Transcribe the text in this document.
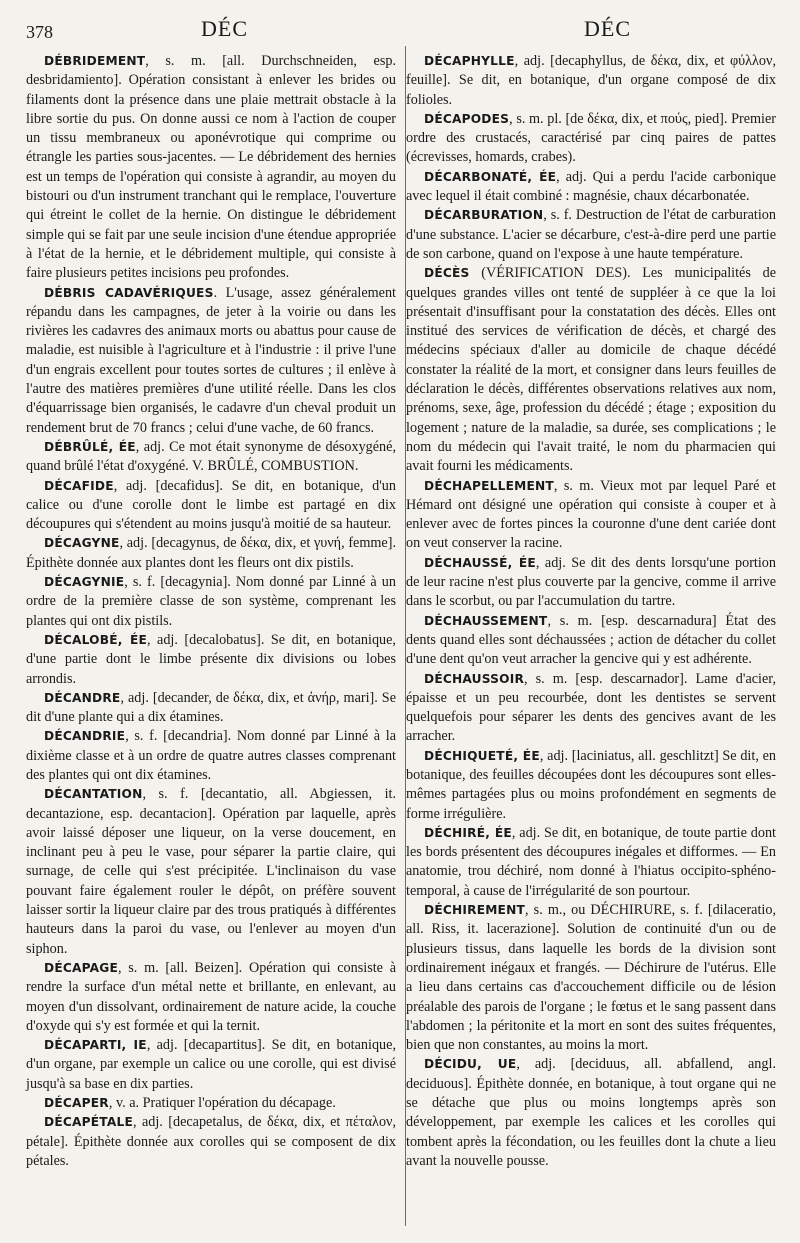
378	DÉC	DÉC

DÉBRIDEMENT, s. m. [all. Durchschneiden, esp. desbridamiento]. Opération consistant à enlever les brides ou filaments dont la présence dans une plaie mettrait obstacle à la libre sortie du pus. On donne aussi ce nom à l'action de couper un tissu membraneux ou aponévrotique qui comprime ou étrangle les parties sous-jacentes. — Le débridement des hernies est un temps de l'opération qui consiste à agrandir, au moyen du bistouri ou d'un instrument tranchant qui le remplace, l'ouverture qui étreint le collet de la hernie. On distingue le débridement simple qui se fait par une seule incision d'une étendue appropriée à l'état de la hernie, et le débridement multiple, qui consiste à faire plusieurs petites incisions peu profondes.

DÉBRIS CADAVÉRIQUES. L'usage, assez généralement répandu dans les campagnes, de jeter à la voirie ou dans les rivières les cadavres des animaux morts ou abattus pour cause de maladie, est nuisible à l'agriculture et à l'industrie : il prive l'une d'un engrais excellent pour toutes sortes de cultures ; il enlève à l'autre des matières premières d'une utilité réelle. Dans les clos d'équarrissage bien organisés, le cadavre d'un cheval produit un rendement brut de 70 francs ; celui d'une vache, de 60 francs.

DÉBRÛLÉ, ÉE, adj. Ce mot était synonyme de désoxygéné, quand brûlé l'état d'oxygéné. V. BRÛLÉ, COMBUSTION.

DÉCAFIDE, adj. [decafidus]. Se dit, en botanique, d'un calice ou d'une corolle dont le limbe est partagé en dix découpures qui s'étendent au moins jusqu'à moitié de sa hauteur.

DÉCAGYNE, adj. [decagynus, de δέκα, dix, et γυνή, femme]. Épithète donnée aux plantes dont les fleurs ont dix pistils.

DÉCAGYNIE, s. f. [decagynia]. Nom donné par Linné à un ordre de la première classe de son système, comprenant les plantes qui ont dix pistils.

DÉCALOBÉ, ÉE, adj. [decalobatus]. Se dit, en botanique, d'une partie dont le limbe présente dix divisions ou lobes arrondis.

DÉCANDRE, adj. [decander, de δέκα, dix, et ἀνήρ, mari]. Se dit d'une plante qui a dix étamines.

DÉCANDRIE, s. f. [decandria]. Nom donné par Linné à la dixième classe et à un ordre de quatre autres classes comprenant des plantes qui ont dix étamines.

DÉCANTATION, s. f. [decantatio, all. Abgiessen, it. decantazione, esp. decantacion]. Opération par laquelle, après avoir laissé déposer une liqueur, on la verse doucement, en inclinant peu à peu le vase, pour séparer la partie claire, qui surnage, de celle qui s'est précipitée. L'inclinaison du vase pouvant faire également rouler le dépôt, on préfère souvent laisser sortir la liqueur claire par des trous pratiqués à différentes hauteurs dans la paroi du vase, ou l'enlever au moyen d'un siphon.

DÉCAPAGE, s. m. [all. Beizen]. Opération qui consiste à rendre la surface d'un métal nette et brillante, en enlevant, au moyen d'un dissolvant, ordinairement de nature acide, la couche d'oxyde qui s'y est formée et qui la ternit.

DÉCAPARTI, IE, adj. [decapartitus]. Se dit, en botanique, d'un organe, par exemple un calice ou une corolle, qui est divisé jusqu'à sa base en dix parties.

DÉCAPER, v. a. Pratiquer l'opération du décapage.

DÉCAPÉTALE, adj. [decapetalus, de δέκα, dix, et πέταλον, pétale]. Épithète donnée aux corolles qui se composent de dix pétales.

DÉCAPHYLLE, adj. [decaphyllus, de δέκα, dix, et φύλλον, feuille]. Se dit, en botanique, d'un organe composé de dix folioles.

DÉCAPODES, s. m. pl. [de δέκα, dix, et πούς, pied]. Premier ordre des crustacés, caractérisé par cinq paires de pattes (écrevisses, homards, crabes).

DÉCARBONATÉ, ÉE, adj. Qui a perdu l'acide carbonique avec lequel il était combiné : magnésie, chaux décarbonatée.

DÉCARBURATION, s. f. Destruction de l'état de carburation d'une substance. L'acier se décarbure, c'est-à-dire perd une partie de son carbone, quand on l'expose à une haute température.

DÉCÈS (VÉRIFICATION DES). Les municipalités de quelques grandes villes ont tenté de suppléer à ce que la loi présentait d'insuffisant pour la constatation des décès. Elles ont institué des services de vérification de décès, et chargé des médecins spéciaux d'aller au domicile de chaque décédé constater la réalité de la mort, et consigner dans leurs feuilles de déclaration le décès, différentes observations relatives aux nom, prénoms, sexe, âge, profession du décédé ; étage ; exposition du logement ; nature de la maladie, sa durée, ses complications ; le nom du médecin qui l'avait traité, le nom du pharmacien qui avait fourni les médicaments.

DÉCHAPELLEMENT, s. m. Vieux mot par lequel Paré et Hémard ont désigné une opération qui consiste à couper et à enlever avec de fortes pinces la couronne d'une dent cariée dont on veut conserver la racine.

DÉCHAUSSÉ, ÉE, adj. Se dit des dents lorsqu'une portion de leur racine n'est plus couverte par la gencive, comme il arrive dans le scorbut, ou par l'accumulation du tartre.

DÉCHAUSSEMENT, s. m. [esp. descarnadura] État des dents quand elles sont déchaussées ; action de détacher du collet d'une dent qu'on veut arracher la gencive qui y est adhérente.

DÉCHAUSSOIR, s. m. [esp. descarnador]. Lame d'acier, épaisse et un peu recourbée, dont les dentistes se servent quelquefois pour séparer les dents des gencives avant de les arracher.

DÉCHIQUETÉ, ÉE, adj. [laciniatus, all. geschlitzt] Se dit, en botanique, des feuilles découpées dont les découpures sont elles-mêmes partagées plus ou moins profondément en segments de forme irrégulière.

DÉCHIRÉ, ÉE, adj. Se dit, en botanique, de toute partie dont les bords présentent des découpures inégales et difformes. — En anatomie, trou déchiré, nom donné à l'hiatus occipito-sphéno-temporal, à cause de l'irrégularité de son pourtour.

DÉCHIREMENT, s. m., ou DÉCHIRURE, s. f. [dilaceratio, all. Riss, it. lacerazione]. Solution de continuité d'un ou de plusieurs tissus, dans laquelle les bords de la division sont ordinairement inégaux et frangés. — Déchirure de l'utérus. Elle a lieu dans certains cas d'accouchement difficile ou de lésion préalable des parois de l'organe ; le fœtus et le sang passent dans l'abdomen ; la péritonite et la mort en sont des suites fréquentes, bien que non constantes, au moins la mort.

DÉCIDU, UE, adj. [deciduus, all. abfallend, angl. deciduous]. Épithète donnée, en botanique, à tout organe qui ne se détache que plus ou moins longtemps après son développement, par exemple les calices et les corolles qui tombent après la fécondation, ou les feuilles dont la chute a lieu avant la nouvelle pousse.
